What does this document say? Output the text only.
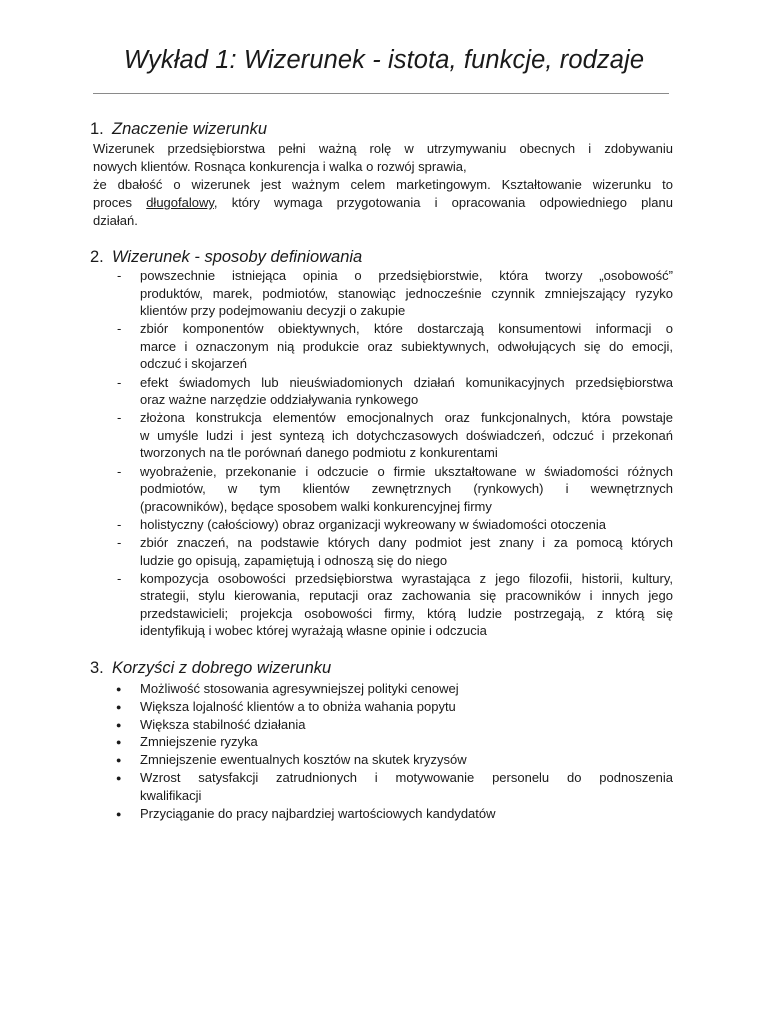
Wykład 1: Wizerunek - istota, funkcje, rodzaje
1. Znaczenie wizerunku
Wizerunek przedsiębiorstwa pełni ważną rolę w utrzymywaniu obecnych i zdobywaniu
nowych klientów. Rosnąca konkurencja i walka o rozwój sprawia,
że dbałość o wizerunek jest ważnym celem marketingowym. Kształtowanie wizerunku to
proces długofalowy, który wymaga przygotowania i opracowania odpowiedniego planu
działań.
2. Wizerunek - sposoby definiowania
- powszechnie istniejąca opinia o przedsiębiorstwie, która tworzy „osobowość”
produktów, marek, podmiotów, stanowiąc jednocześnie czynnik zmniejszający ryzyko
klientów przy podejmowaniu decyzji o zakupie
- zbiór komponentów obiektywnych, które dostarczają konsumentowi informacji o
marce i oznaczonym nią produkcie oraz subiektywnych, odwołujących się do emocji,
odczuć i skojarzeń
- efekt świadomych lub nieuświadomionych działań komunikacyjnych przedsiębiorstwa
oraz ważne narzędzie oddziaływania rynkowego
- złożona konstrukcja elementów emocjonalnych oraz funkcjonalnych, która powstaje
w umyśle ludzi i jest syntezą ich dotychczasowych doświadczeń, odczuć i przekonań
tworzonych na tle porównań danego podmiotu z konkurentami
- wyobrażenie, przekonanie i odczucie o firmie ukształtowane w świadomości różnych
podmiotów, w tym klientów zewnętrznych (rynkowych) i wewnętrznych
(pracowników), będące sposobem walki konkurencyjnej firmy
- holistyczny (całościowy) obraz organizacji wykreowany w świadomości otoczenia
- zbiór znaczeń, na podstawie których dany podmiot jest znany i za pomocą których
ludzie go opisują, zapamiętują i odnoszą się do niego
- kompozycja osobowości przedsiębiorstwa wyrastająca z jego filozofii, historii, kultury,
strategii, stylu kierowania, reputacji oraz zachowania się pracowników i innych jego
przedstawicieli; projekcja osobowości firmy, którą ludzie postrzegają, z którą się
identyfikują i wobec której wyrażają własne opinie i odczucia
3. Korzyści z dobrego wizerunku
● Możliwość stosowania agresywniejszej polityki cenowej
● Większa lojalność klientów a to obniża wahania popytu
● Większa stabilność działania
● Zmniejszenie ryzyka
● Zmniejszenie ewentualnych kosztów na skutek kryzysów
● Wzrost satysfakcji zatrudnionych i motywowanie personelu do podnoszenia
kwalifikacji
● Przyciąganie do pracy najbardziej wartościowych kandydatów
